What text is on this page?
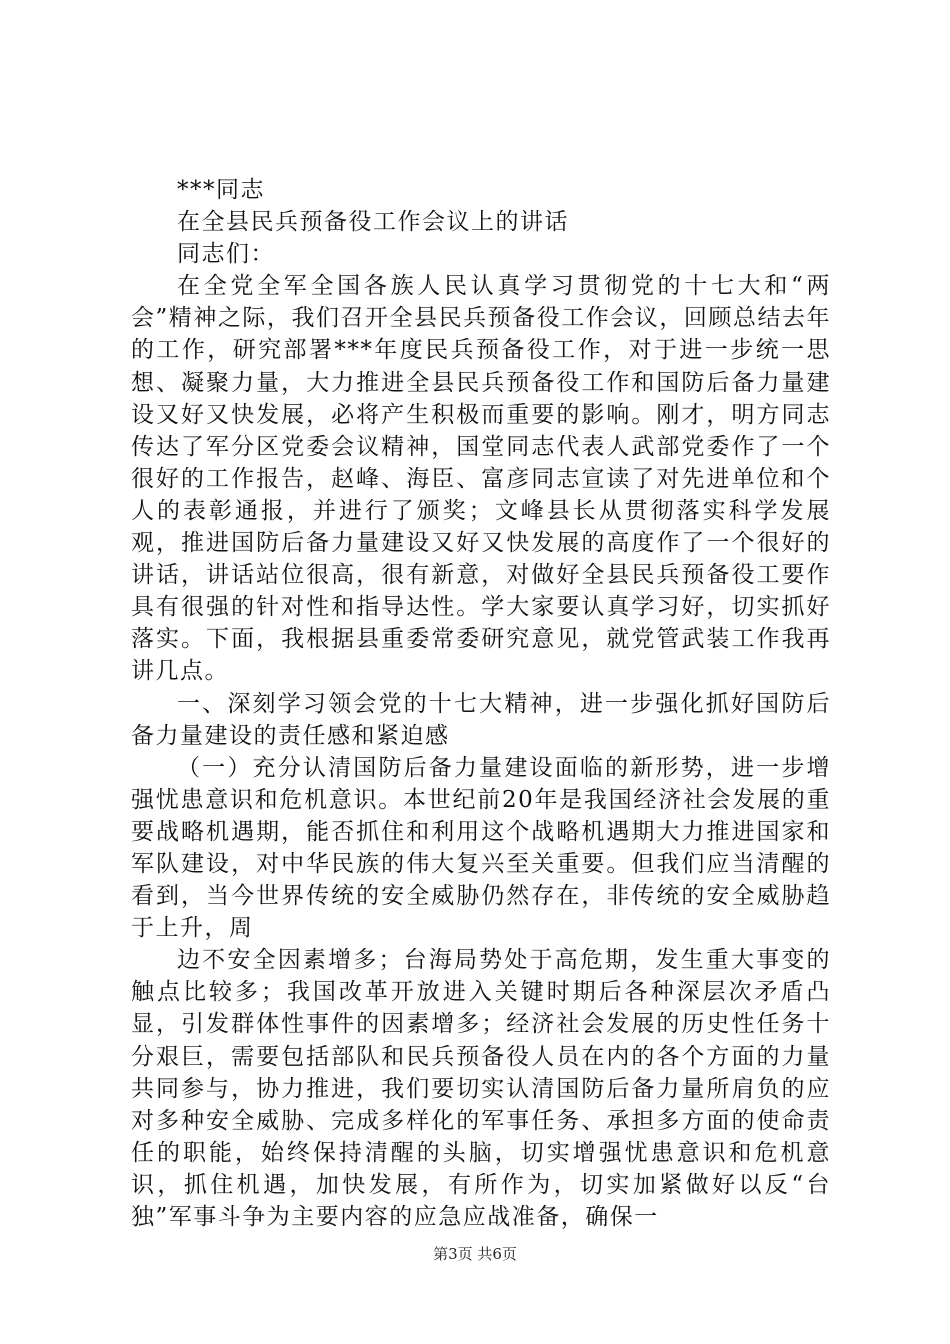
***同志

在全县民兵预备役工作会议上的讲话

同志们：

在全党全军全国各族人民认真学习贯彻党的十七大和“两会”精神之际，我们召开全县民兵预备役工作会议，回顾总结去年的工作，研究部署***年度民兵预备役工作，对于进一步统一思想、凝聚力量，大力推进全县民兵预备役工作和国防后备力量建设又好又快发展，必将产生积极而重要的影响。刚才，明方同志传达了军分区党委会议精神，国堂同志代表人武部党委作了一个很好的工作报告，赵峰、海臣、富彦同志宣读了对先进单位和个人的表彰通报，并进行了颁奖；文峰县长从贯彻落实科学发展观，推进国防后备力量建设又好又快发展的高度作了一个很好的讲话，讲话站位很高，很有新意，对做好全县民兵预备役工要作具有很强的针对性和指导达性。学大家要认真学习好，切实抓好落实。下面，我根据县重委常委研究意见，就党管武装工作我再讲几点。

一、深刻学习领会党的十七大精神，进一步强化抓好国防后备力量建设的责任感和紧迫感

（一）充分认清国防后备力量建设面临的新形势，进一步增强忧患意识和危机意识。本世纪前20年是我国经济社会发展的重要战略机遇期，能否抓住和利用这个战略机遇期大力推进国家和军队建设，对中华民族的伟大复兴至关重要。但我们应当清醒的看到，当今世界传统的安全威胁仍然存在，非传统的安全威胁趋于上升，周

边不安全因素增多；台海局势处于高危期，发生重大事变的触点比较多；我国改革开放进入关键时期后各种深层次矛盾凸显，引发群体性事件的因素增多；经济社会发展的历史性任务十分艰巨，需要包括部队和民兵预备役人员在内的各个方面的力量共同参与，协力推进，我们要切实认清国防后备力量所肩负的应对多种安全威胁、完成多样化的军事任务、承担多方面的使命责任的职能，始终保持清醒的头脑，切实增强忧患意识和危机意识，抓住机遇，加快发展，有所作为，切实加紧做好以反“台独”军事斗争为主要内容的应急应战准备，确保一

第3页 共6页
